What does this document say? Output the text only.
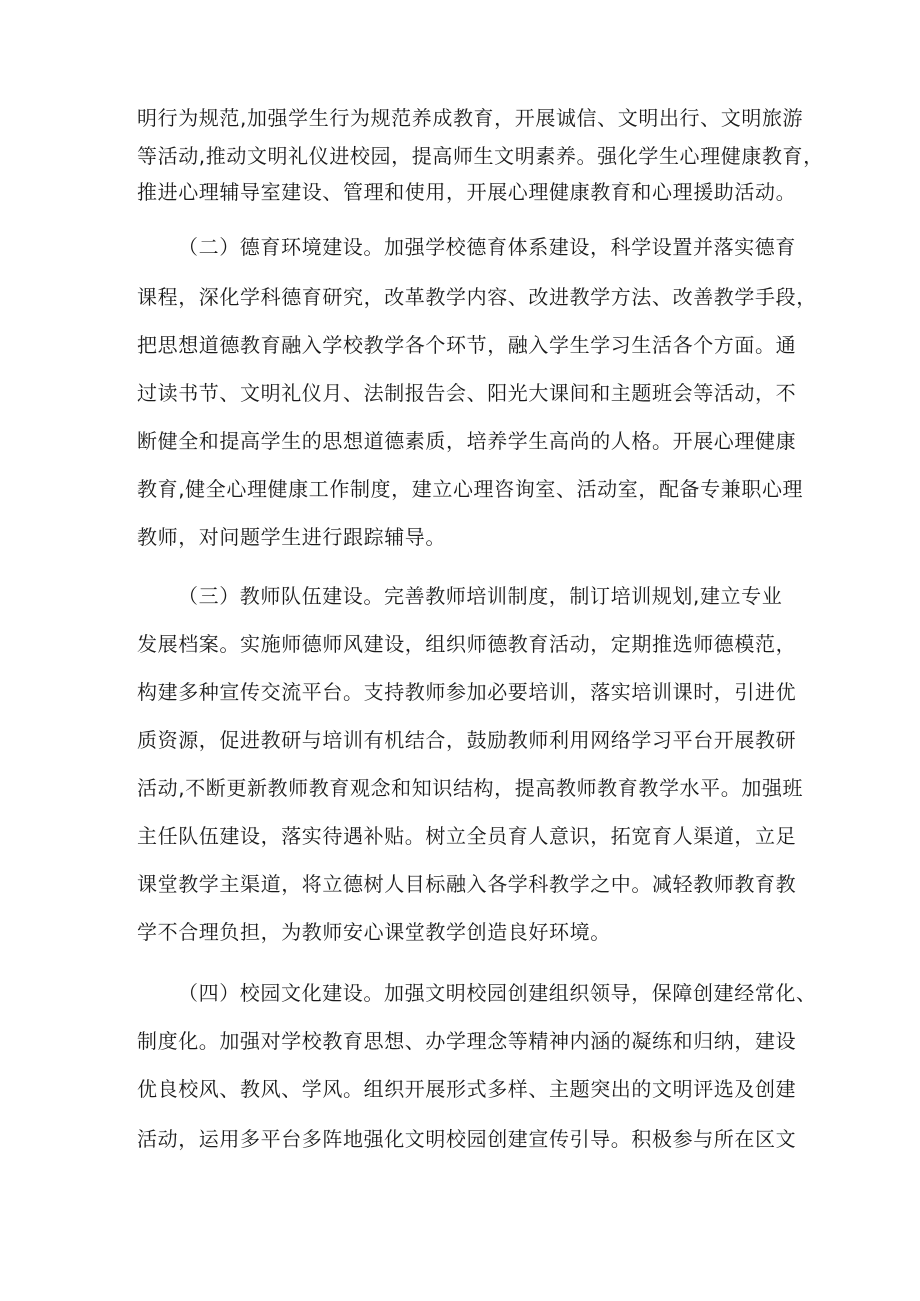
明行为规范,加强学生行为规范养成教育，开展诚信、文明出行、文明旅游
等活动,推动文明礼仪进校园，提高师生文明素养。强化学生心理健康教育，
推进心理辅导室建设、管理和使用，开展心理健康教育和心理援助活动。
（二）德育环境建设。加强学校德育体系建设，科学设置并落实德育
课程，深化学科德育研究，改革教学内容、改进教学方法、改善教学手段，
把思想道德教育融入学校教学各个环节，融入学生学习生活各个方面。通
过读书节、文明礼仪月、法制报告会、阳光大课间和主题班会等活动，不
断健全和提高学生的思想道德素质，培养学生高尚的人格。开展心理健康
教育,健全心理健康工作制度，建立心理咨询室、活动室，配备专兼职心理
教师，对问题学生进行跟踪辅导。
（三）教师队伍建设。完善教师培训制度，制订培训规划,建立专业
发展档案。实施师德师风建设，组织师德教育活动，定期推选师德模范，
构建多种宣传交流平台。支持教师参加必要培训，落实培训课时，引进优
质资源，促进教研与培训有机结合，鼓励教师利用网络学习平台开展教研
活动,不断更新教师教育观念和知识结构，提高教师教育教学水平。加强班
主任队伍建设，落实待遇补贴。树立全员育人意识，拓宽育人渠道，立足
课堂教学主渠道，将立德树人目标融入各学科教学之中。减轻教师教育教
学不合理负担，为教师安心课堂教学创造良好环境。
（四）校园文化建设。加强文明校园创建组织领导，保障创建经常化、
制度化。加强对学校教育思想、办学理念等精神内涵的凝练和归纳，建设
优良校风、教风、学风。组织开展形式多样、主题突出的文明评选及创建
活动，运用多平台多阵地强化文明校园创建宣传引导。积极参与所在区文
